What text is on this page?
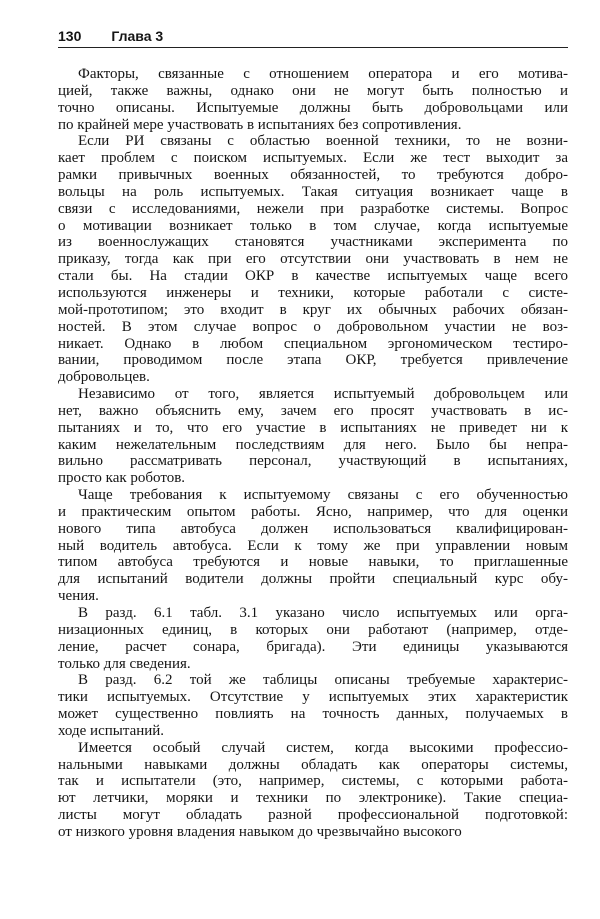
130 Глава 3

Факторы, связанные с отношением оператора и его мотива-
цией, также важны, однако они не могут быть полностью и
точно описаны. Испытуемые должны быть добровольцами или
по крайней мере участвовать в испытаниях без сопротивления.

Если РИ связаны с областью военной техники, то не возни-
кает проблем с поиском испытуемых. Если же тест выходит за
рамки привычных военных обязанностей, то требуются добро-
вольцы на роль испытуемых. Такая ситуация возникает чаще в
связи с исследованиями, нежели при разработке системы. Вопрос
о мотивации возникает только в том случае, когда испытуемые
из военнослужащих становятся участниками эксперимента по
приказу, тогда как при его отсутствии они участвовать в нем не
стали бы. На стадии ОКР в качестве испытуемых чаще всего
используются инженеры и техники, которые работали с систе-
мой-прототипом; это входит в круг их обычных рабочих обязан-
ностей. В этом случае вопрос о добровольном участии не воз-
никает. Однако в любом специальном эргономическом тестиро-
вании, проводимом после этапа ОКР, требуется привлечение
добровольцев.

Независимо от того, является испытуемый добровольцем или
нет, важно объяснить ему, зачем его просят участвовать в ис-
пытаниях и то, что его участие в испытаниях не приведет ни к
каким нежелательным последствиям для него. Было бы непра-
вильно рассматривать персонал, участвующий в испытаниях,
просто как роботов.

Чаще требования к испытуемому связаны с его обученностью
и практическим опытом работы. Ясно, например, что для оценки
нового типа автобуса должен использоваться квалифицирован-
ный водитель автобуса. Если к тому же при управлении новым
типом автобуса требуются и новые навыки, то приглашенные
для испытаний водители должны пройти специальный курс обу-
чения.

В разд. 6.1 табл. 3.1 указано число испытуемых или орга-
низационных единиц, в которых они работают (например, отде-
ление, расчет сонара, бригада). Эти единицы указываются
только для сведения.

В разд. 6.2 той же таблицы описаны требуемые характерис-
тики испытуемых. Отсутствие у испытуемых этих характеристик
может существенно повлиять на точность данных, получаемых в
ходе испытаний.

Имеется особый случай систем, когда высокими профессио-
нальными навыками должны обладать как операторы системы,
так и испытатели (это, например, системы, с которыми работа-
ют летчики, моряки и техники по электронике). Такие специа-
листы могут обладать разной профессиональной подготовкой:
от низкого уровня владения навыком до чрезвычайно высокого
